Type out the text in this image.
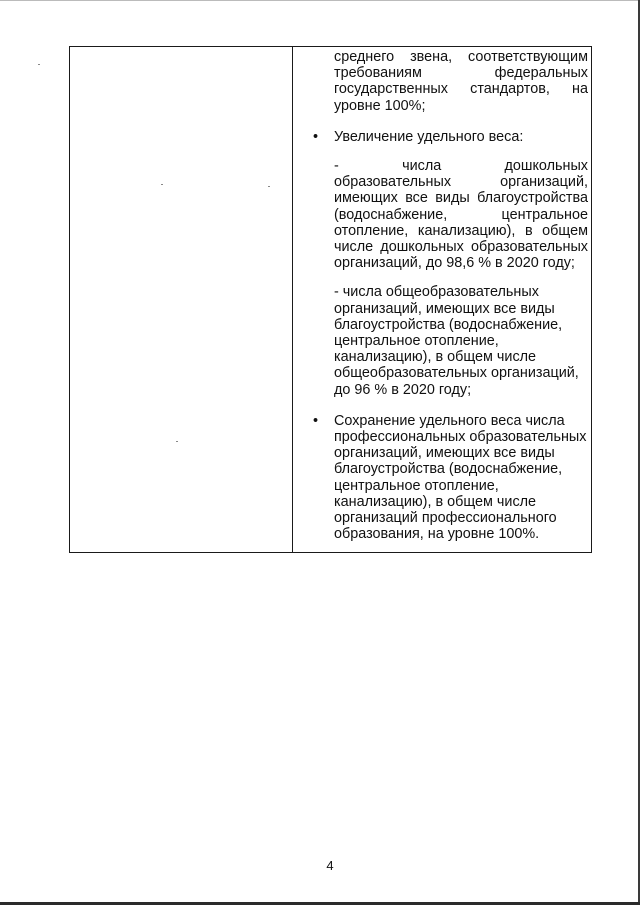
среднего звена, соответствующим требованиям федеральных государственных стандартов, на уровне 100%;
• Увеличение удельного веса:
- числа дошкольных образовательных организаций, имеющих все виды благоустройства (водоснабжение, центральное отопление, канализацию), в общем числе дошкольных образовательных организаций, до 98,6 % в 2020 году;
- числа общеобразовательных организаций, имеющих все виды благоустройства (водоснабжение, центральное отопление, канализацию), в общем числе общеобразовательных организаций, до 96 % в 2020 году;
• Сохранение удельного веса числа профессиональных образовательных организаций, имеющих все виды благоустройства (водоснабжение, центральное отопление, канализацию), в общем числе организаций профессионального образования, на уровне 100%.
4
